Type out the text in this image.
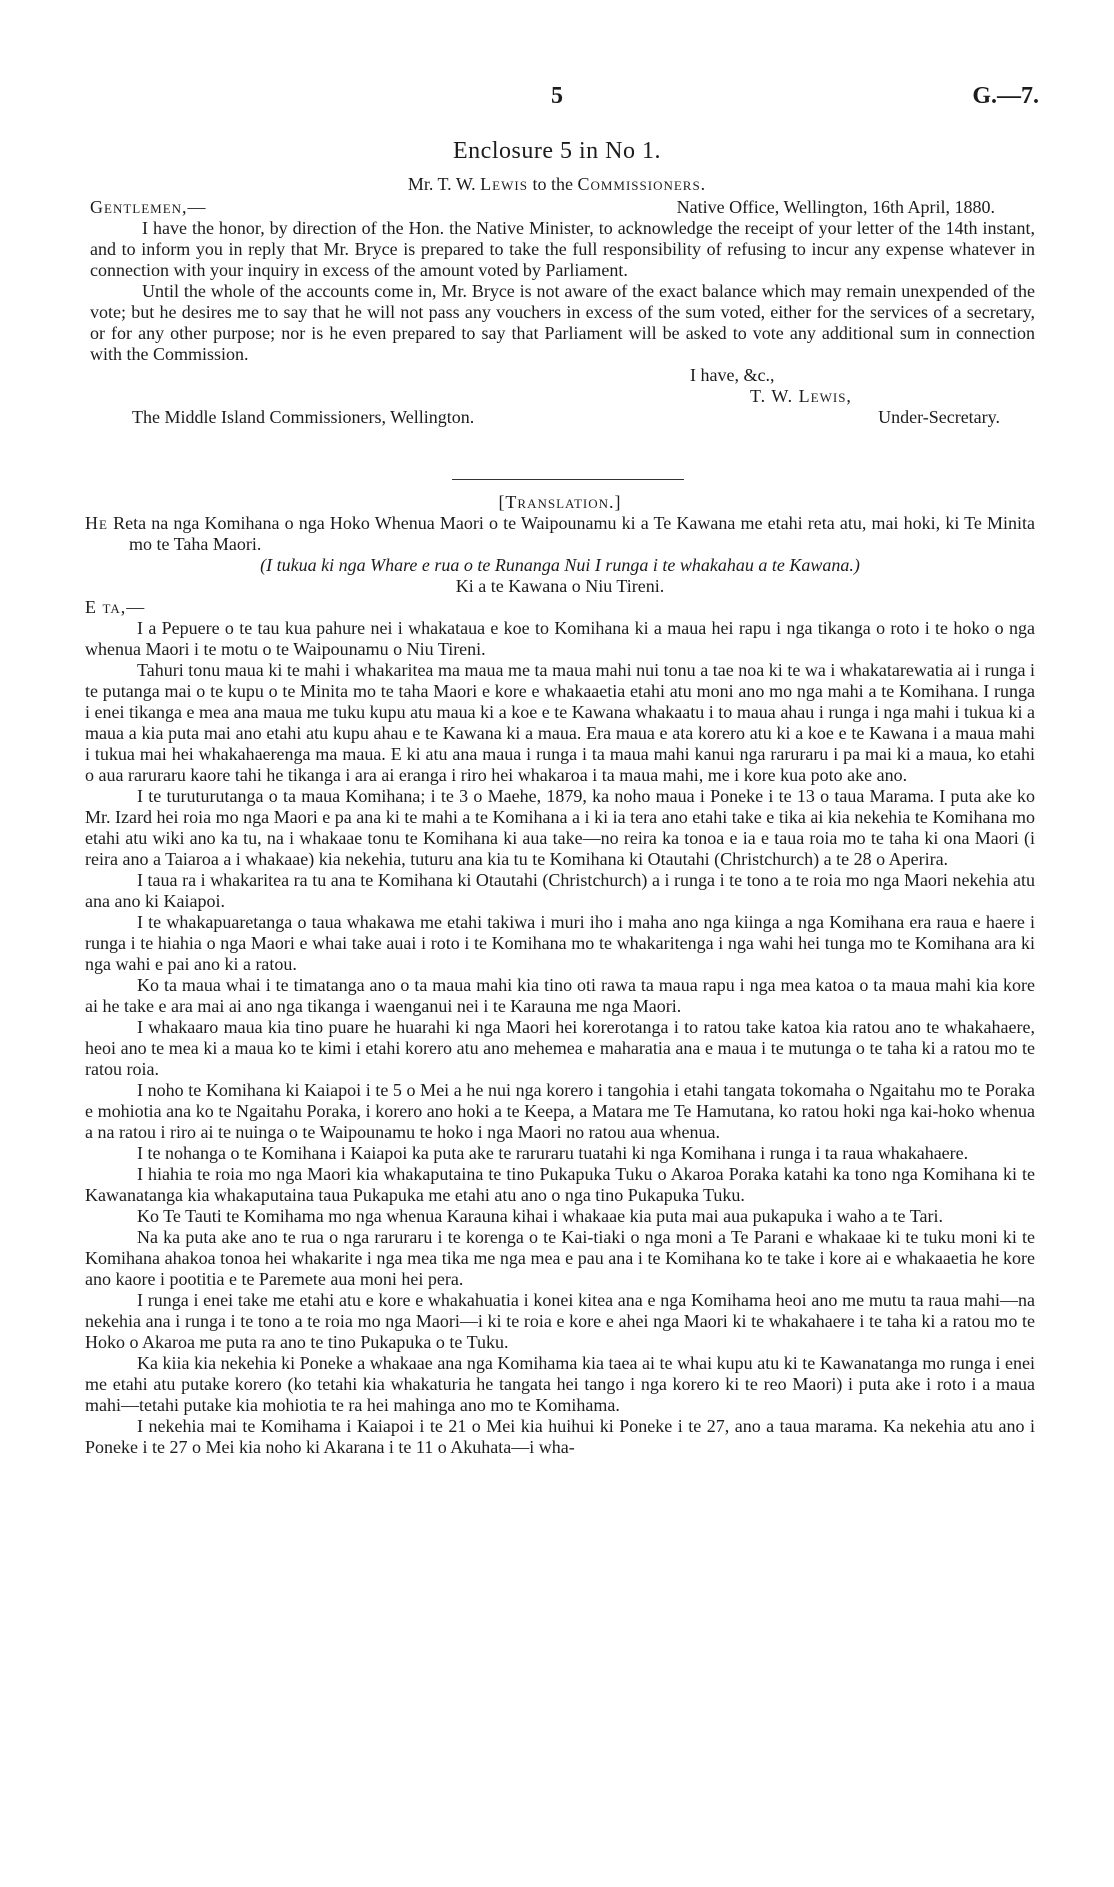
5	G.—7.
Enclosure 5 in No 1.
Mr. T. W. Lewis to the Commissioners.
Gentlemen,—	Native Office, Wellington, 16th April, 1880.

I have the honor, by direction of the Hon. the Native Minister, to acknowledge the receipt of your letter of the 14th instant, and to inform you in reply that Mr. Bryce is prepared to take the full responsibility of refusing to incur any expense whatever in connection with your inquiry in excess of the amount voted by Parliament.

Until the whole of the accounts come in, Mr. Bryce is not aware of the exact balance which may remain unexpended of the vote; but he desires me to say that he will not pass any vouchers in excess of the sum voted, either for the services of a secretary, or for any other purpose; nor is he even prepared to say that Parliament will be asked to vote any additional sum in connection with the Commission.

I have, &c.,
T. W. Lewis,
The Middle Island Commissioners, Wellington.	Under-Secretary.
[Translation.]
He Reta na nga Komihana o nga Hoko Whenua Maori o te Waipounamu ki a Te Kawana me etahi reta atu, mai hoki, ki Te Minita mo te Taha Maori.
(I tukua ki nga Whare e rua o te Runanga Nui I runga i te whakahau a te Kawana.)
Ki a te Kawana o Niu Tireni.
E ta,—

I a Pepuere o te tau kua pahure nei i whakataua e koe to Komihana ki a maua hei rapu i nga tikanga o roto i te hoko o nga whenua Maori i te motu o te Waipounamu o Niu Tireni.

Tahuri tonu maua ki te mahi i whakaritea ma maua me ta maua mahi nui tonu a tae noa ki te wa i whakatarewatia ai i runga i te putanga mai o te kupu o te Minita mo te taha Maori e kore e whakaaetia etahi atu moni ano mo nga mahi a te Komihana. I runga i enei tikanga e mea ana maua me tuku kupu atu maua ki a koe e te Kawana whakaatu i to maua ahau i runga i nga mahi i tukua ki a maua a kia puta mai ano etahi atu kupu ahau e te Kawana ki a maua. Era maua e ata korero atu ki a koe e te Kawana i a maua mahi i tukua mai hei whakahaerenga ma maua. E ki atu ana maua i runga i ta maua mahi kanui nga raruraru i pa mai ki a maua, ko etahi o aua raruraru kaore tahi he tikanga i ara ai eranga i riro hei whakaroa i ta maua mahi, me i kore kua poto ake ano.

I te turuturutanga o ta maua Komihana; i te 3 o Maehe, 1879, ka noho maua i Poneke i te 13 o taua Marama. I puta ake ko Mr. Izard hei roia mo nga Maori e pa ana ki te mahi a te Komihana a i ki ia tera ano etahi take e tika ai kia nekehia te Komihana mo etahi atu wiki ano ka tu, na i whakaae tonu te Komihana ki aua take—no reira ka tonoa e ia e taua roia mo te taha ki ona Maori (i reira ano a Taiaroa a i whakaae) kia nekehia, tuturu ana kia tu te Komihana ki Otautahi (Christchurch) a te 28 o Aperira.

I taua ra i whakaritea ra tu ana te Komihana ki Otautahi (Christchurch) a i runga i te tono a te roia mo nga Maori nekehia atu ana ano ki Kaiapoi.

I te whakapuaretanga o taua whakawa me etahi takiwa i muri iho i maha ano nga kiinga a nga Komihana era raua e haere i runga i te hiahia o nga Maori e whai take auai i roto i te Komihana mo te whakaritenga i nga wahi hei tunga mo te Komihana ara ki nga wahi e pai ano ki a ratou.

Ko ta maua whai i te timatanga ano o ta maua mahi kia tino oti rawa ta maua rapu i nga mea katoa o ta maua mahi kia kore ai he take e ara mai ai ano nga tikanga i waenganui nei i te Karauna me nga Maori.

I whakaaro maua kia tino puare he huarahi ki nga Maori hei korerotanga i to ratou take katoa kia ratou ano te whakahaere, heoi ano te mea ki a maua ko te kimi i etahi korero atu ano mehemea e maharatia ana e maua i te mutunga o te taha ki a ratou mo te ratou roia.

I noho te Komihana ki Kaiapoi i te 5 o Mei a he nui nga korero i tangohia i etahi tangata tokomaha o Ngaitahu mo te Poraka e mohiotia ana ko te Ngaitahu Poraka, i korero ano hoki a te Keepa, a Matara me Te Hamutana, ko ratou hoki nga kai-hoko whenua a na ratou i riro ai te nuinga o te Waipounamu te hoko i nga Maori no ratou aua whenua.

I te nohanga o te Komihana i Kaiapoi ka puta ake te raruraru tuatahi ki nga Komihana i runga i ta raua whakahaere.

I hiahia te roia mo nga Maori kia whakaputaina te tino Pukapuka Tuku o Akaroa Poraka katahi ka tono nga Komihana ki te Kawanatanga kia whakaputaina taua Pukapuka me etahi atu ano o nga tino Pukapuka Tuku.

Ko Te Tauti te Komihama mo nga whenua Karauna kihai i whakaae kia puta mai aua pukapuka i waho a te Tari.

Na ka puta ake ano te rua o nga raruraru i te korenga o te Kai-tiaki o nga moni a Te Parani e whakaae ki te tuku moni ki te Komihana ahakoa tonoa hei whakarite i nga mea tika me nga mea e pau ana i te Komihana ko te take i kore ai e whakaaetia he kore ano kaore i pootitia e te Paremete aua moni hei pera.

I runga i enei take me etahi atu e kore e whakahuatia i konei kitea ana e nga Komihama heoi ano me mutu ta raua mahi—na nekehia ana i runga i te tono a te roia mo nga Maori—i ki te roia e kore e ahei nga Maori ki te whakahaere i te taha ki a ratou mo te Hoko o Akaroa me puta ra ano te tino Pukapuka o te Tuku.

Ka kiia kia nekehia ki Poneke a whakaae ana nga Komihama kia taea ai te whai kupu atu ki te Kawanatanga mo runga i enei me etahi atu putake korero (ko tetahi kia whakaturia he tangata hei tango i nga korero ki te reo Maori) i puta ake i roto i a maua mahi—tetahi putake kia mohiotia te ra hei mahinga ano mo te Komihama.

I nekehia mai te Komihama i Kaiapoi i te 21 o Mei kia huihui ki Poneke i te 27, ano a taua marama. Ka nekehia atu ano i Poneke i te 27 o Mei kia noho ki Akarana i te 11 o Akuhata—i wha-
